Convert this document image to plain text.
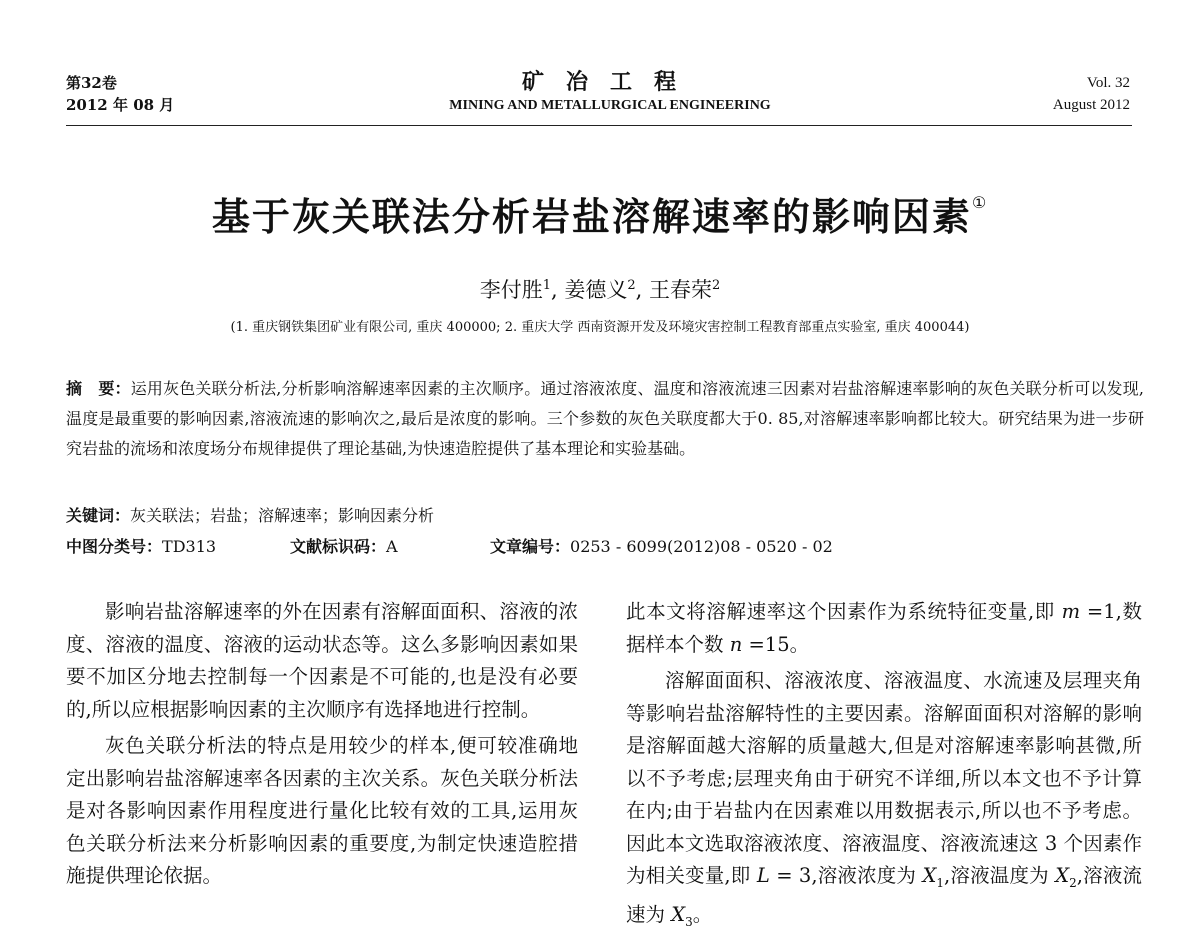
第32卷
2012 年 08 月
矿冶工程
MINING AND METALLURGICAL ENGINEERING
Vol. 32
August 2012
基于灰关联法分析岩盐溶解速率的影响因素①
李付胜$^1$, 姜德义$^2$, 王春荣$^2$
(1. 重庆钢铁集团矿业有限公司, 重庆 400000; 2. 重庆大学 西南资源开发及环境灾害控制工程教育部重点实验室, 重庆 400044)
摘　要：运用灰色关联分析法,分析影响溶解速率因素的主次顺序。通过溶液浓度、温度和溶液流速三因素对岩盐溶解速率影响的灰色关联分析可以发现,温度是最重要的影响因素,溶液流速的影响次之,最后是浓度的影响。三个参数的灰色关联度都大于0. 85,对溶解速率影响都比较大。研究结果为进一步研究岩盐的流场和浓度场分布规律提供了理论基础,为快速造腔提供了基本理论和实验基础。
关键词：灰关联法；岩盐；溶解速率；影响因素分析
中图分类号：TD313	文献标识码：A	文章编号：0253 - 6099(2012)08 - 0520 - 02

影响岩盐溶解速率的外在因素有溶解面面积、溶液的浓度、溶液的温度、溶液的运动状态等。这么多影响因素如果要不加区分地去控制每一个因素是不可能的,也是没有必要的,所以应根据影响因素的主次顺序有选择地进行控制。

灰色关联分析法的特点是用较少的样本,便可较准确地定出影响岩盐溶解速率各因素的主次关系。灰色关联分析法是对各影响因素作用程度进行量化比较有效的工具,运用灰色关联分析法来分析影响因素的重要度,为制定快速造腔措施提供理论依据。

此本文将溶解速率这个因素作为系统特征变量,即 m =1,数据样本个数 n =15。

溶解面面积、溶液浓度、溶液温度、水流速及层理夹角等影响岩盐溶解特性的主要因素。溶解面面积对溶解的影响是溶解面越大溶解的质量越大,但是对溶解速率影响甚微,所以不予考虑;层理夹角由于研究不详细,所以本文也不予计算在内;由于岩盐内在因素难以用数据表示,所以也不予考虑。因此本文选取溶液浓度、溶液温度、溶液流速这 3 个因素作为相关变量,即 L = 3,溶液浓度为 $X_1$,溶液温度为 $X_2$,溶液流速为 $X_3$。
